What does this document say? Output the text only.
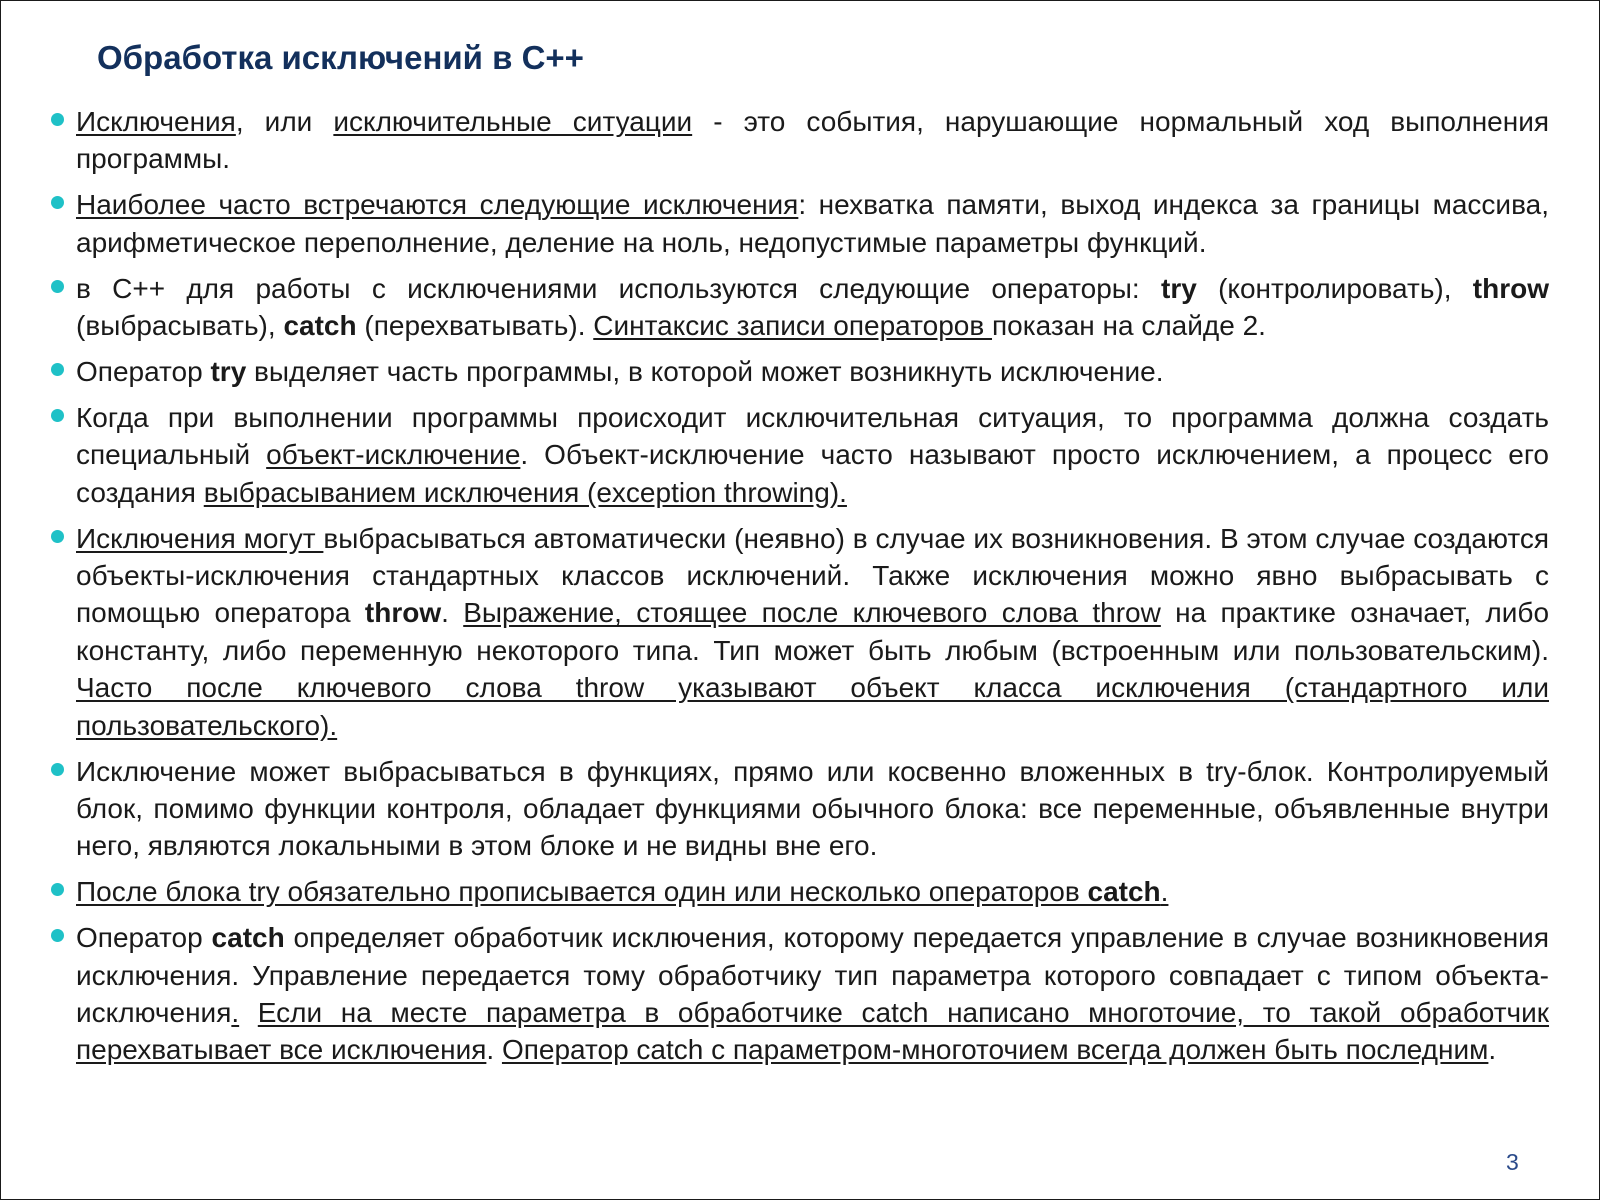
Обработка исключений в С++
Исключения, или исключительные ситуации - это события, нарушающие нормальный ход выполнения программы.
Наиболее часто встречаются следующие исключения: нехватка памяти, выход индекса за границы массива, арифметическое переполнение, деление на ноль, недопустимые параметры функций.
в C++ для работы с исключениями используются следующие операторы: try (контролировать), throw (выбрасывать), catch (перехватывать). Синтаксис записи операторов показан на слайде 2.
Оператор try выделяет часть программы, в которой может возникнуть исключение.
Когда при выполнении программы происходит исключительная ситуация, то программа должна создать специальный объект-исключение. Объект-исключение часто называют просто исключением, а процесс его создания выбрасыванием исключения (exception throwing).
Исключения могут выбрасываться автоматически (неявно) в случае их возникновения. В этом случае создаются объекты-исключения стандартных классов исключений. Также исключения можно явно выбрасывать с помощью оператора throw. Выражение, стоящее после ключевого слова throw на практике означает, либо константу, либо переменную некоторого типа. Тип может быть любым (встроенным или пользовательским). Часто после ключевого слова throw указывают объект класса исключения (стандартного или пользовательского).
Исключение может выбрасываться в функциях, прямо или косвенно вложенных в try-блок. Контролируемый блок, помимо функции контроля, обладает функциями обычного блока: все переменные, объявленные внутри него, являются локальными в этом блоке и не видны вне его.
После блока try обязательно прописывается один или несколько операторов catch.
Оператор catch определяет обработчик исключения, которому передается управление в случае возникновения исключения. Управление передается тому обработчику тип параметра которого совпадает с типом объекта-исключения. Если на месте параметра в обработчике catch написано многоточие, то такой обработчик перехватывает все исключения. Оператор catch с параметром-многоточием всегда должен быть последним.
3
